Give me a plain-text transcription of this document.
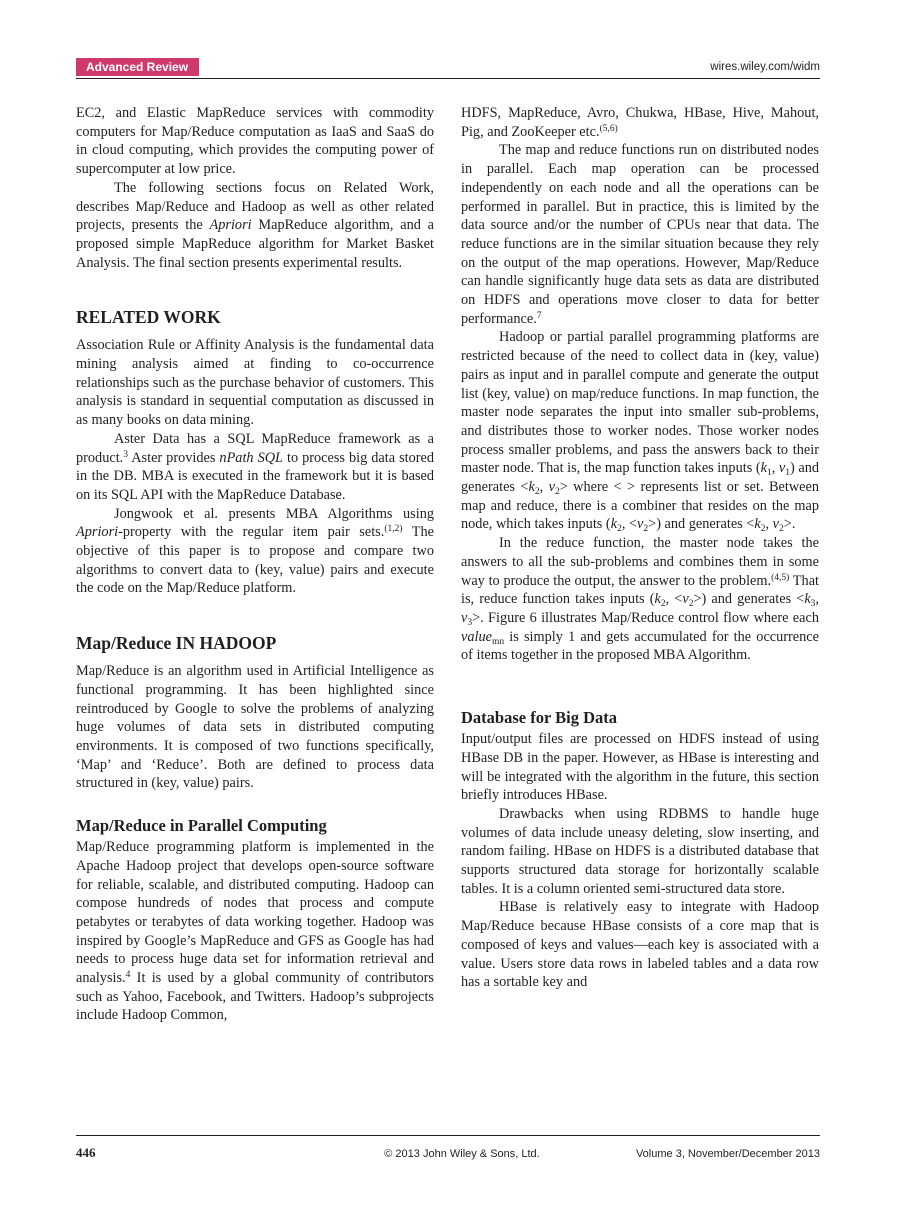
Advanced Review	wires.wiley.com/widm

EC2, and Elastic MapReduce services with commodity computers for Map/Reduce computation as IaaS and SaaS do in cloud computing, which provides the computing power of supercomputer at low price.

The following sections focus on Related Work, describes Map/Reduce and Hadoop as well as other related projects, presents the Apriori MapReduce algorithm, and a proposed simple MapReduce algorithm for Market Basket Analysis. The final section presents experimental results.

RELATED WORK

Association Rule or Affinity Analysis is the fundamental data mining analysis aimed at finding to co-occurrence relationships such as the purchase behavior of customers. This analysis is standard in sequential computation as discussed in as many books on data mining.

Aster Data has a SQL MapReduce framework as a product.$^3$ Aster provides nPath SQL to process big data stored in the DB. MBA is executed in the framework but it is based on its SQL API with the MapReduce Database.

Jongwook et al. presents MBA Algorithms using Apriori-property with the regular item pair sets.$^{(1,2)}$ The objective of this paper is to propose and compare two algorithms to convert data to (key, value) pairs and execute the code on the Map/Reduce platform.

Map/Reduce IN HADOOP

Map/Reduce is an algorithm used in Artificial Intelligence as functional programming. It has been highlighted since reintroduced by Google to solve the problems of analyzing huge volumes of data sets in distributed computing environments. It is composed of two functions specifically, ‘Map’ and ‘Reduce’. Both are defined to process data structured in (key, value) pairs.

Map/Reduce in Parallel Computing

Map/Reduce programming platform is implemented in the Apache Hadoop project that develops open-source software for reliable, scalable, and distributed computing. Hadoop can compose hundreds of nodes that process and compute petabytes or terabytes of data working together. Hadoop was inspired by Google’s MapReduce and GFS as Google has had needs to process huge data set for information retrieval and analysis.$^4$ It is used by a global community of contributors such as Yahoo, Facebook, and Twitters. Hadoop’s subprojects include Hadoop Common,

HDFS, MapReduce, Avro, Chukwa, HBase, Hive, Mahout, Pig, and ZooKeeper etc.$^{(5,6)}$

The map and reduce functions run on distributed nodes in parallel. Each map operation can be processed independently on each node and all the operations can be performed in parallel. But in practice, this is limited by the data source and/or the number of CPUs near that data. The reduce functions are in the similar situation because they rely on the output of the map operations. However, Map/Reduce can handle significantly huge data sets as data are distributed on HDFS and operations move closer to data for better performance.$^7$

Hadoop or partial parallel programming platforms are restricted because of the need to collect data in (key, value) pairs as input and in parallel compute and generate the output list (key, value) on map/reduce functions. In map function, the master node separates the input into smaller sub-problems, and distributes those to worker nodes. Those worker nodes process smaller problems, and pass the answers back to their master node. That is, the map function takes inputs ($k_1$, $v_1$) and generates $<k_2$, $v_2>$ where < > represents list or set. Between map and reduce, there is a combiner that resides on the map node, which takes inputs ($k_2$, $<v_2>$) and generates $<k_2$, $v_2>$.

In the reduce function, the master node takes the answers to all the sub-problems and combines them in some way to produce the output, the answer to the problem.$^{(4,5)}$ That is, reduce function takes inputs ($k_2$, $<v_2>$) and generates $<k_3$, $v_3>$. Figure 6 illustrates Map/Reduce control flow where each value$_{mn}$ is simply 1 and gets accumulated for the occurrence of items together in the proposed MBA Algorithm.

Database for Big Data

Input/output files are processed on HDFS instead of using HBase DB in the paper. However, as HBase is interesting and will be integrated with the algorithm in the future, this section briefly introduces HBase.

Drawbacks when using RDBMS to handle huge volumes of data include uneasy deleting, slow inserting, and random failing. HBase on HDFS is a distributed database that supports structured data storage for horizontally scalable tables. It is a column oriented semi-structured data store.

HBase is relatively easy to integrate with Hadoop Map/Reduce because HBase consists of a core map that is composed of keys and values—each key is associated with a value. Users store data rows in labeled tables and a data row has a sortable key and

446	© 2013 John Wiley & Sons, Ltd.	Volume 3, November/December 2013
